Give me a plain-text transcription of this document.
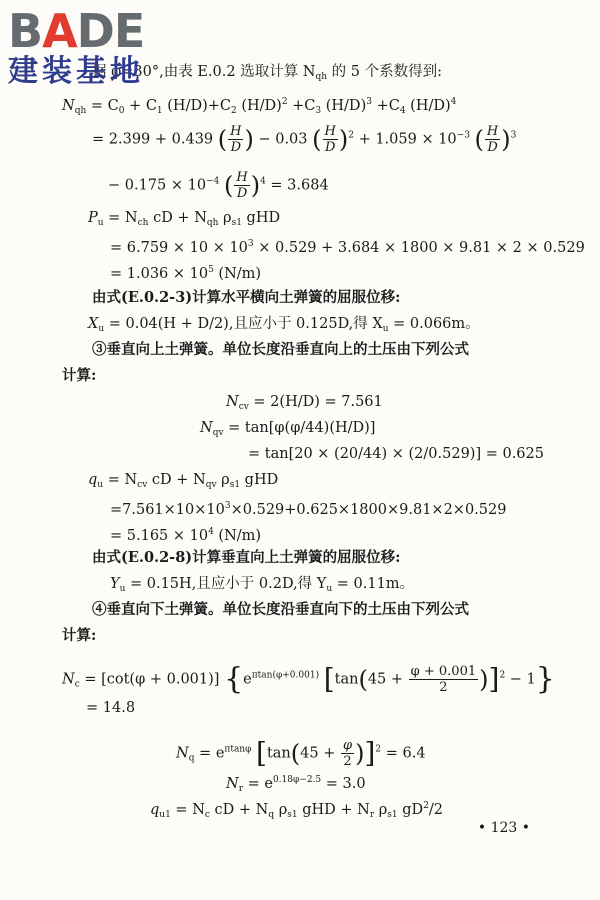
BADE
建装基地
据 φ=30°,由表 E.0.2 选取计算 $N_{qh}$ 的 5 个系数得到:
$N_{qh} = C_0 + C_1$ $(H/D)+C_2$ $(H/D)^2 +C_3$ $(H/D)^3 +C_4$ $(H/D)^4$
= 2.399 + 0.439 ( $\frac{H}{D}$ ) − 0.03 ( $\frac{H}{D} )^2 + 1.059 \times 10^{-3}$ ( $\frac{H}{D} )^3$
− $0.175 \times 10^{-4}$ ( $\frac{H}{D} )^4 = 3.684$
$P_u = N_{ch}$ cD + $N_{qh}$ $\rho_{s1}$ gHD
= $6.759 \times 10 \times 10^3 \times 0.529 + 3.684 \times 1800 \times 9.81 \times 2 \times 0.529$
= $1.036 \times 10^5$ (N/m)
由式(E.0.2-3)计算水平横向土弹簧的屈服位移:
$X_u = 0.04(H + D/2)$,且应小于 0.125D,得 $X_u = 0.066m$。
③垂直向上土弹簧。单位长度沿垂直向上的土压由下列公式
计算:
$N_{cv} = 2(H/D) = 7.561$
$N_{qv} = \tan[\varphi(\varphi/44)(H/D)]$
= tan[20 × (20/44) × (2/0.529)] = 0.625
$q_u = N_{cv}$ cD + $N_{qv}$ $\rho_{s1}$ gHD
$=7.561\times 10\times 10^3\times 0.529+0.625\times 1800\times 9.81\times 2\times 0.529$
= $5.165 \times 10^4$ (N/m)
由式(E.0.2-8)计算垂直向上土弹簧的屈服位移:
$Y_u = 0.15H$,且应小于 0.2D,得 $Y_u = 0.11m$。
④垂直向下土弹簧。单位长度沿垂直向下的土压由下列公式
计算:
$N_c = [\cot(\varphi + 0.001)]$ {$e^{\pi tan(\varphi+0.001)}$ $[\tan(45 + \frac{\varphi + 0.001}{2} )]^2 - 1$}
= 14.8
$N_q = e^{\pi tan\varphi}$ $[\tan(45 + \frac{\varphi}{2} )]^2 = 6.4$
$N_r = e^{0.18\varphi-2.5} = 3.0$
$q_{u1} = N_c$ cD + $N_q$ $\rho_{s1}$ gHD + $N_r$ $\rho_{s1}$ $gD^2/2$
• 123 •
